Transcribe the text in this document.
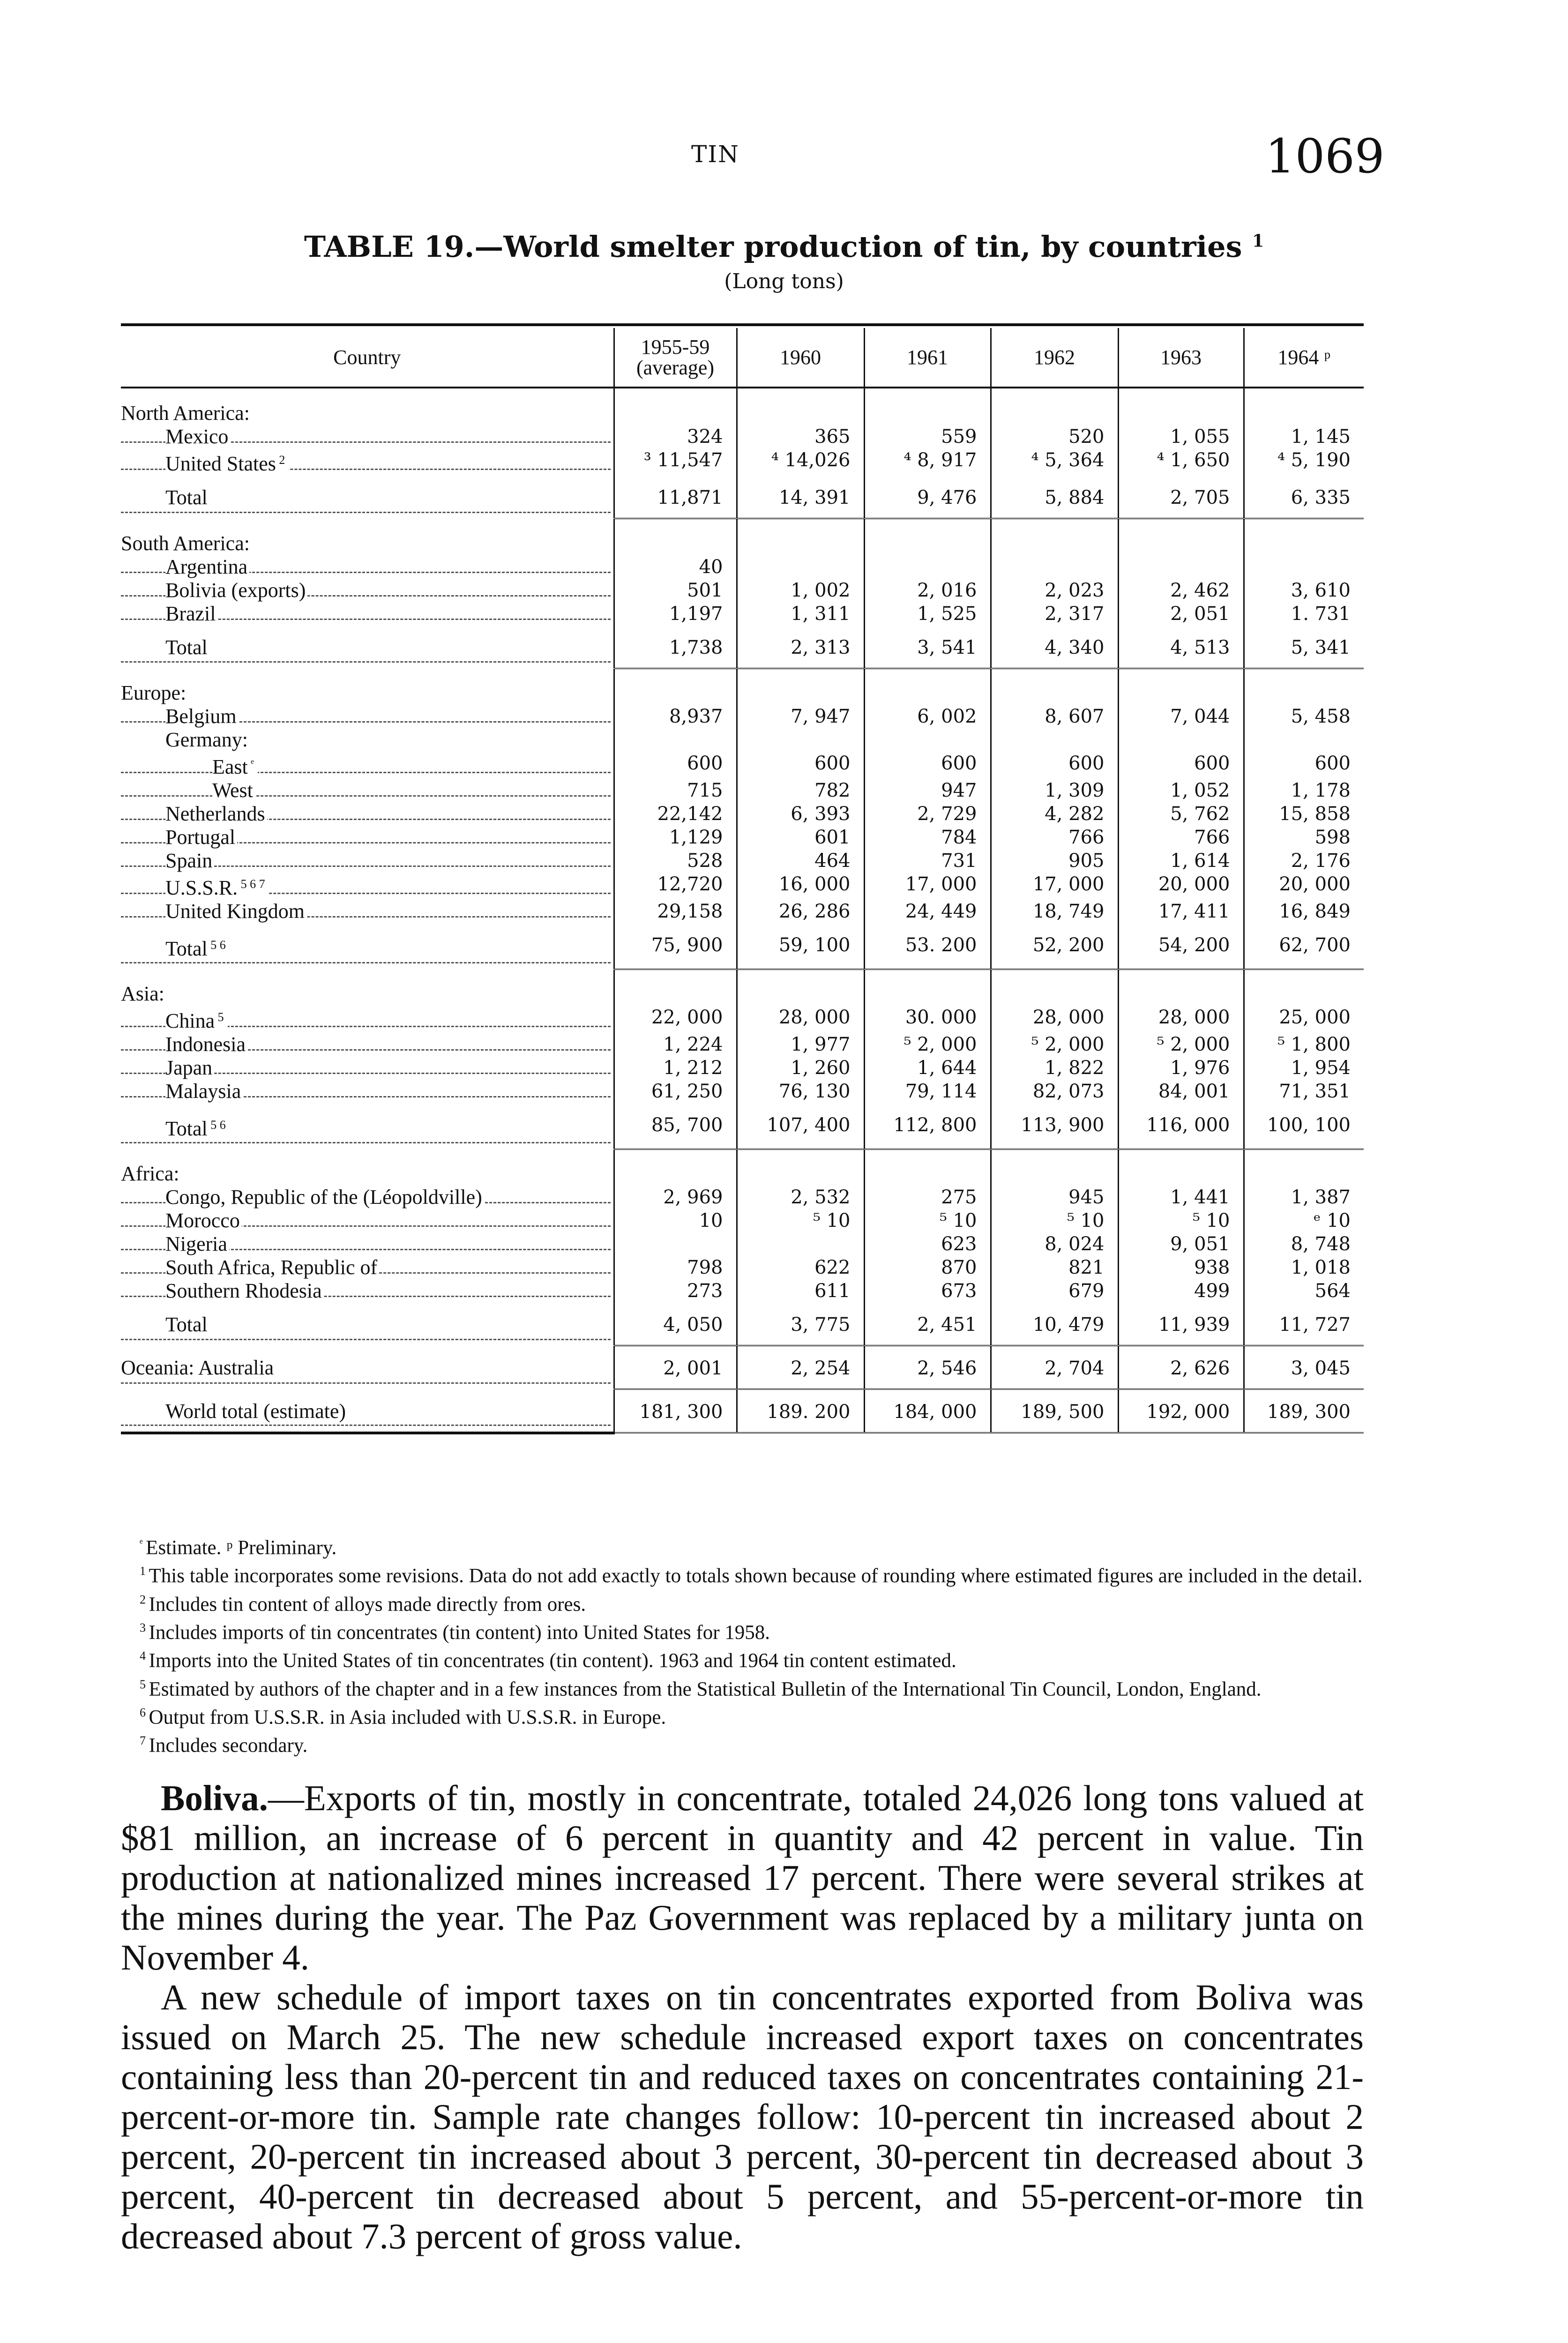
TIN	1069
TABLE 19.—World smelter production of tin, by countries $^1$
(Long tons)
Country	1955-59 (average)	1960	1961	1962	1963	1964 ᵖ
North America:						
Mexico	324	365	559	520	1, 055	1, 145
United States $^2$	³ 11,547	⁴ 14,026	⁴ 8, 917	⁴ 5, 364	⁴ 1, 650	⁴ 5, 190
Total	11,871	14, 391	9, 476	5, 884	2, 705	6, 335
South America:						
Argentina	40					
Bolivia (exports)	501	1, 002	2, 016	2, 023	2, 462	3, 610
Brazil	1,197	1, 311	1, 525	2, 317	2, 051	1. 731
Total	1,738	2, 313	3, 541	4, 340	4, 513	5, 341
Europe:						
Belgium	8,937	7, 947	6, 002	8, 607	7, 044	5, 458
Germany:						
East $^ᵉ$	600	600	600	600	600	600
West	715	782	947	1, 309	1, 052	1, 178
Netherlands	22,142	6, 393	2, 729	4, 282	5, 762	15, 858
Portugal	1,129	601	784	766	766	598
Spain	528	464	731	905	1, 614	2, 176
U.S.S.R. $^{5 6 7}$	12,720	16, 000	17, 000	17, 000	20, 000	20, 000
United Kingdom	29,158	26, 286	24, 449	18, 749	17, 411	16, 849
Total $^{5 6}$	75, 900	59, 100	53. 200	52, 200	54, 200	62, 700
Asia:						
China $^5$	22, 000	28, 000	30. 000	28, 000	28, 000	25, 000
Indonesia	1, 224	1, 977	⁵ 2, 000	⁵ 2, 000	⁵ 2, 000	⁵ 1, 800
Japan	1, 212	1, 260	1, 644	1, 822	1, 976	1, 954
Malaysia	61, 250	76, 130	79, 114	82, 073	84, 001	71, 351
Total $^{5 6}$	85, 700	107, 400	112, 800	113, 900	116, 000	100, 100
Africa:						
Congo, Republic of the (Léopoldville)	2, 969	2, 532	275	945	1, 441	1, 387
Morocco	10	⁵ 10	⁵ 10	⁵ 10	⁵ 10	ᵉ 10
Nigeria			623	8, 024	9, 051	8, 748
South Africa, Republic of	798	622	870	821	938	1, 018
Southern Rhodesia	273	611	673	679	499	564
Total	4, 050	3, 775	2, 451	10, 479	11, 939	11, 727
Oceania: Australia	2, 001	2, 254	2, 546	2, 704	2, 626	3, 045
World total (estimate)	181, 300	189. 200	184, 000	189, 500	192, 000	189, 300

$^ᵉ$ Estimate. ᵖ Preliminary.

$^1$ This table incorporates some revisions. Data do not add exactly to totals shown because of rounding where estimated figures are included in the detail.

$^2$ Includes tin content of alloys made directly from ores.

$^3$ Includes imports of tin concentrates (tin content) into United States for 1958.

$^4$ Imports into the United States of tin concentrates (tin content). 1963 and 1964 tin content estimated.

$^5$ Estimated by authors of the chapter and in a few instances from the Statistical Bulletin of the International Tin Council, London, England.

$^6$ Output from U.S.S.R. in Asia included with U.S.S.R. in Europe.

$^7$ Includes secondary.

Boliva.—Exports of tin, mostly in concentrate, totaled 24,026 long tons valued at $81 million, an increase of 6 percent in quantity and 42 percent in value. Tin production at nationalized mines increased 17 percent. There were several strikes at the mines during the year. The Paz Government was replaced by a military junta on November 4.

A new schedule of import taxes on tin concentrates exported from Boliva was issued on March 25. The new schedule increased export taxes on concentrates containing less than 20-percent tin and reduced taxes on concentrates containing 21-percent-or-more tin. Sample rate changes follow: 10-percent tin increased about 2 percent, 20-percent tin increased about 3 percent, 30-percent tin decreased about 3 percent, 40-percent tin decreased about 5 percent, and 55-percent-or-more tin decreased about 7.3 percent of gross value.
